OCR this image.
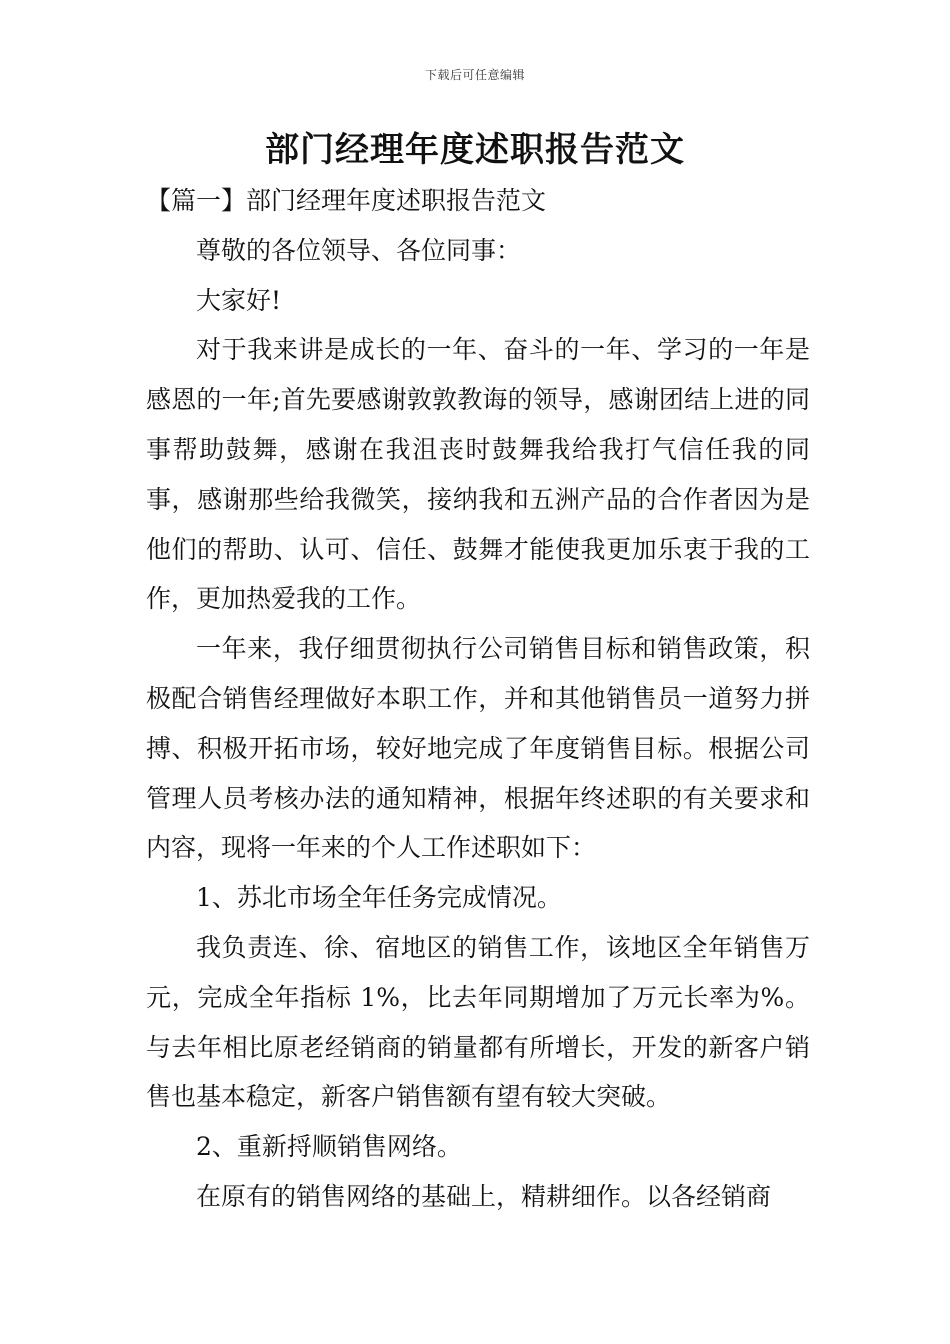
下载后可任意编辑
部门经理年度述职报告范文

【篇一】部门经理年度述职报告范文

尊敬的各位领导、各位同事：

大家好!

对于我来讲是成长的一年、奋斗的一年、学习的一年是感恩的一年;首先要感谢敦敦教诲的领导，感谢团结上进的同事帮助鼓舞，感谢在我沮丧时鼓舞我给我打气信任我的同事，感谢那些给我微笑，接纳我和五洲产品的合作者因为是他们的帮助、认可、信任、鼓舞才能使我更加乐衷于我的工作，更加热爱我的工作。

一年来，我仔细贯彻执行公司销售目标和销售政策，积极配合销售经理做好本职工作，并和其他销售员一道努力拼搏、积极开拓市场，较好地完成了年度销售目标。根据公司管理人员考核办法的通知精神，根据年终述职的有关要求和内容，现将一年来的个人工作述职如下：

1、苏北市场全年任务完成情况。

我负责连、徐、宿地区的销售工作，该地区全年销售万元，完成全年指标 1%，比去年同期增加了万元长率为%。与去年相比原老经销商的销量都有所增长，开发的新客户销售也基本稳定，新客户销售额有望有较大突破。

2、重新捋顺销售网络。

在原有的销售网络的基础上，精耕细作。以各经销商
